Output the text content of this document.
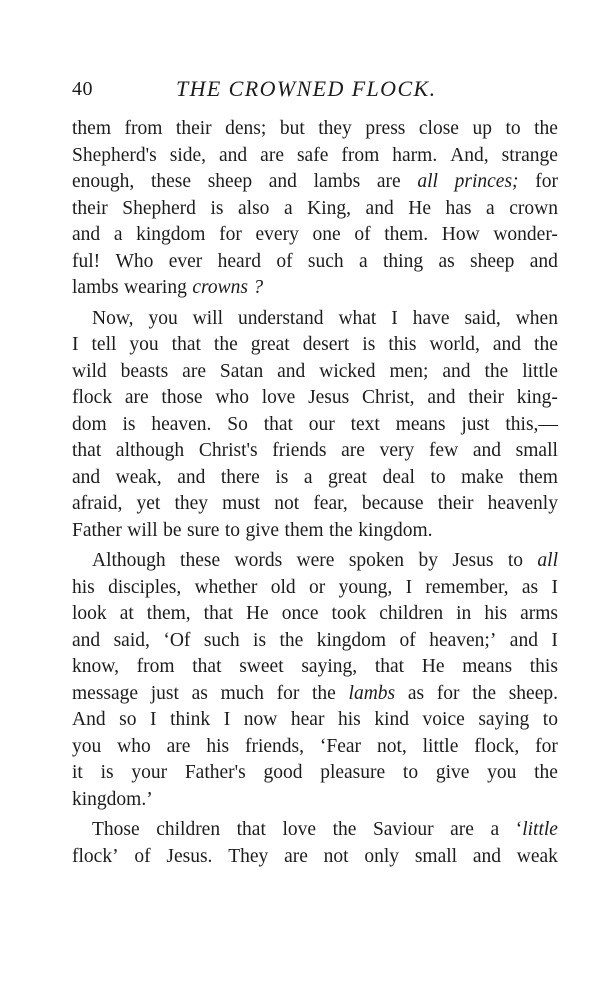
40	THE CROWNED FLOCK.
them from their dens; but they press close up to the
Shepherd's side, and are safe from harm. And, strange
enough, these sheep and lambs are all princes; for
their Shepherd is also a King, and He has a crown
and a kingdom for every one of them. How wonder-
ful! Who ever heard of such a thing as sheep and
lambs wearing crowns ?
Now, you will understand what I have said, when
I tell you that the great desert is this world, and the
wild beasts are Satan and wicked men; and the little
flock are those who love Jesus Christ, and their king-
dom is heaven. So that our text means just this,—
that although Christ's friends are very few and small
and weak, and there is a great deal to make them
afraid, yet they must not fear, because their heavenly
Father will be sure to give them the kingdom.
Although these words were spoken by Jesus to all
his disciples, whether old or young, I remember, as I
look at them, that He once took children in his arms
and said, ‘Of such is the kingdom of heaven;’ and I
know, from that sweet saying, that He means this
message just as much for the lambs as for the sheep.
And so I think I now hear his kind voice saying to
you who are his friends, ‘Fear not, little flock, for
it is your Father's good pleasure to give you the
kingdom.’
Those children that love the Saviour are a ‘little
flock’ of Jesus. They are not only small and weak
